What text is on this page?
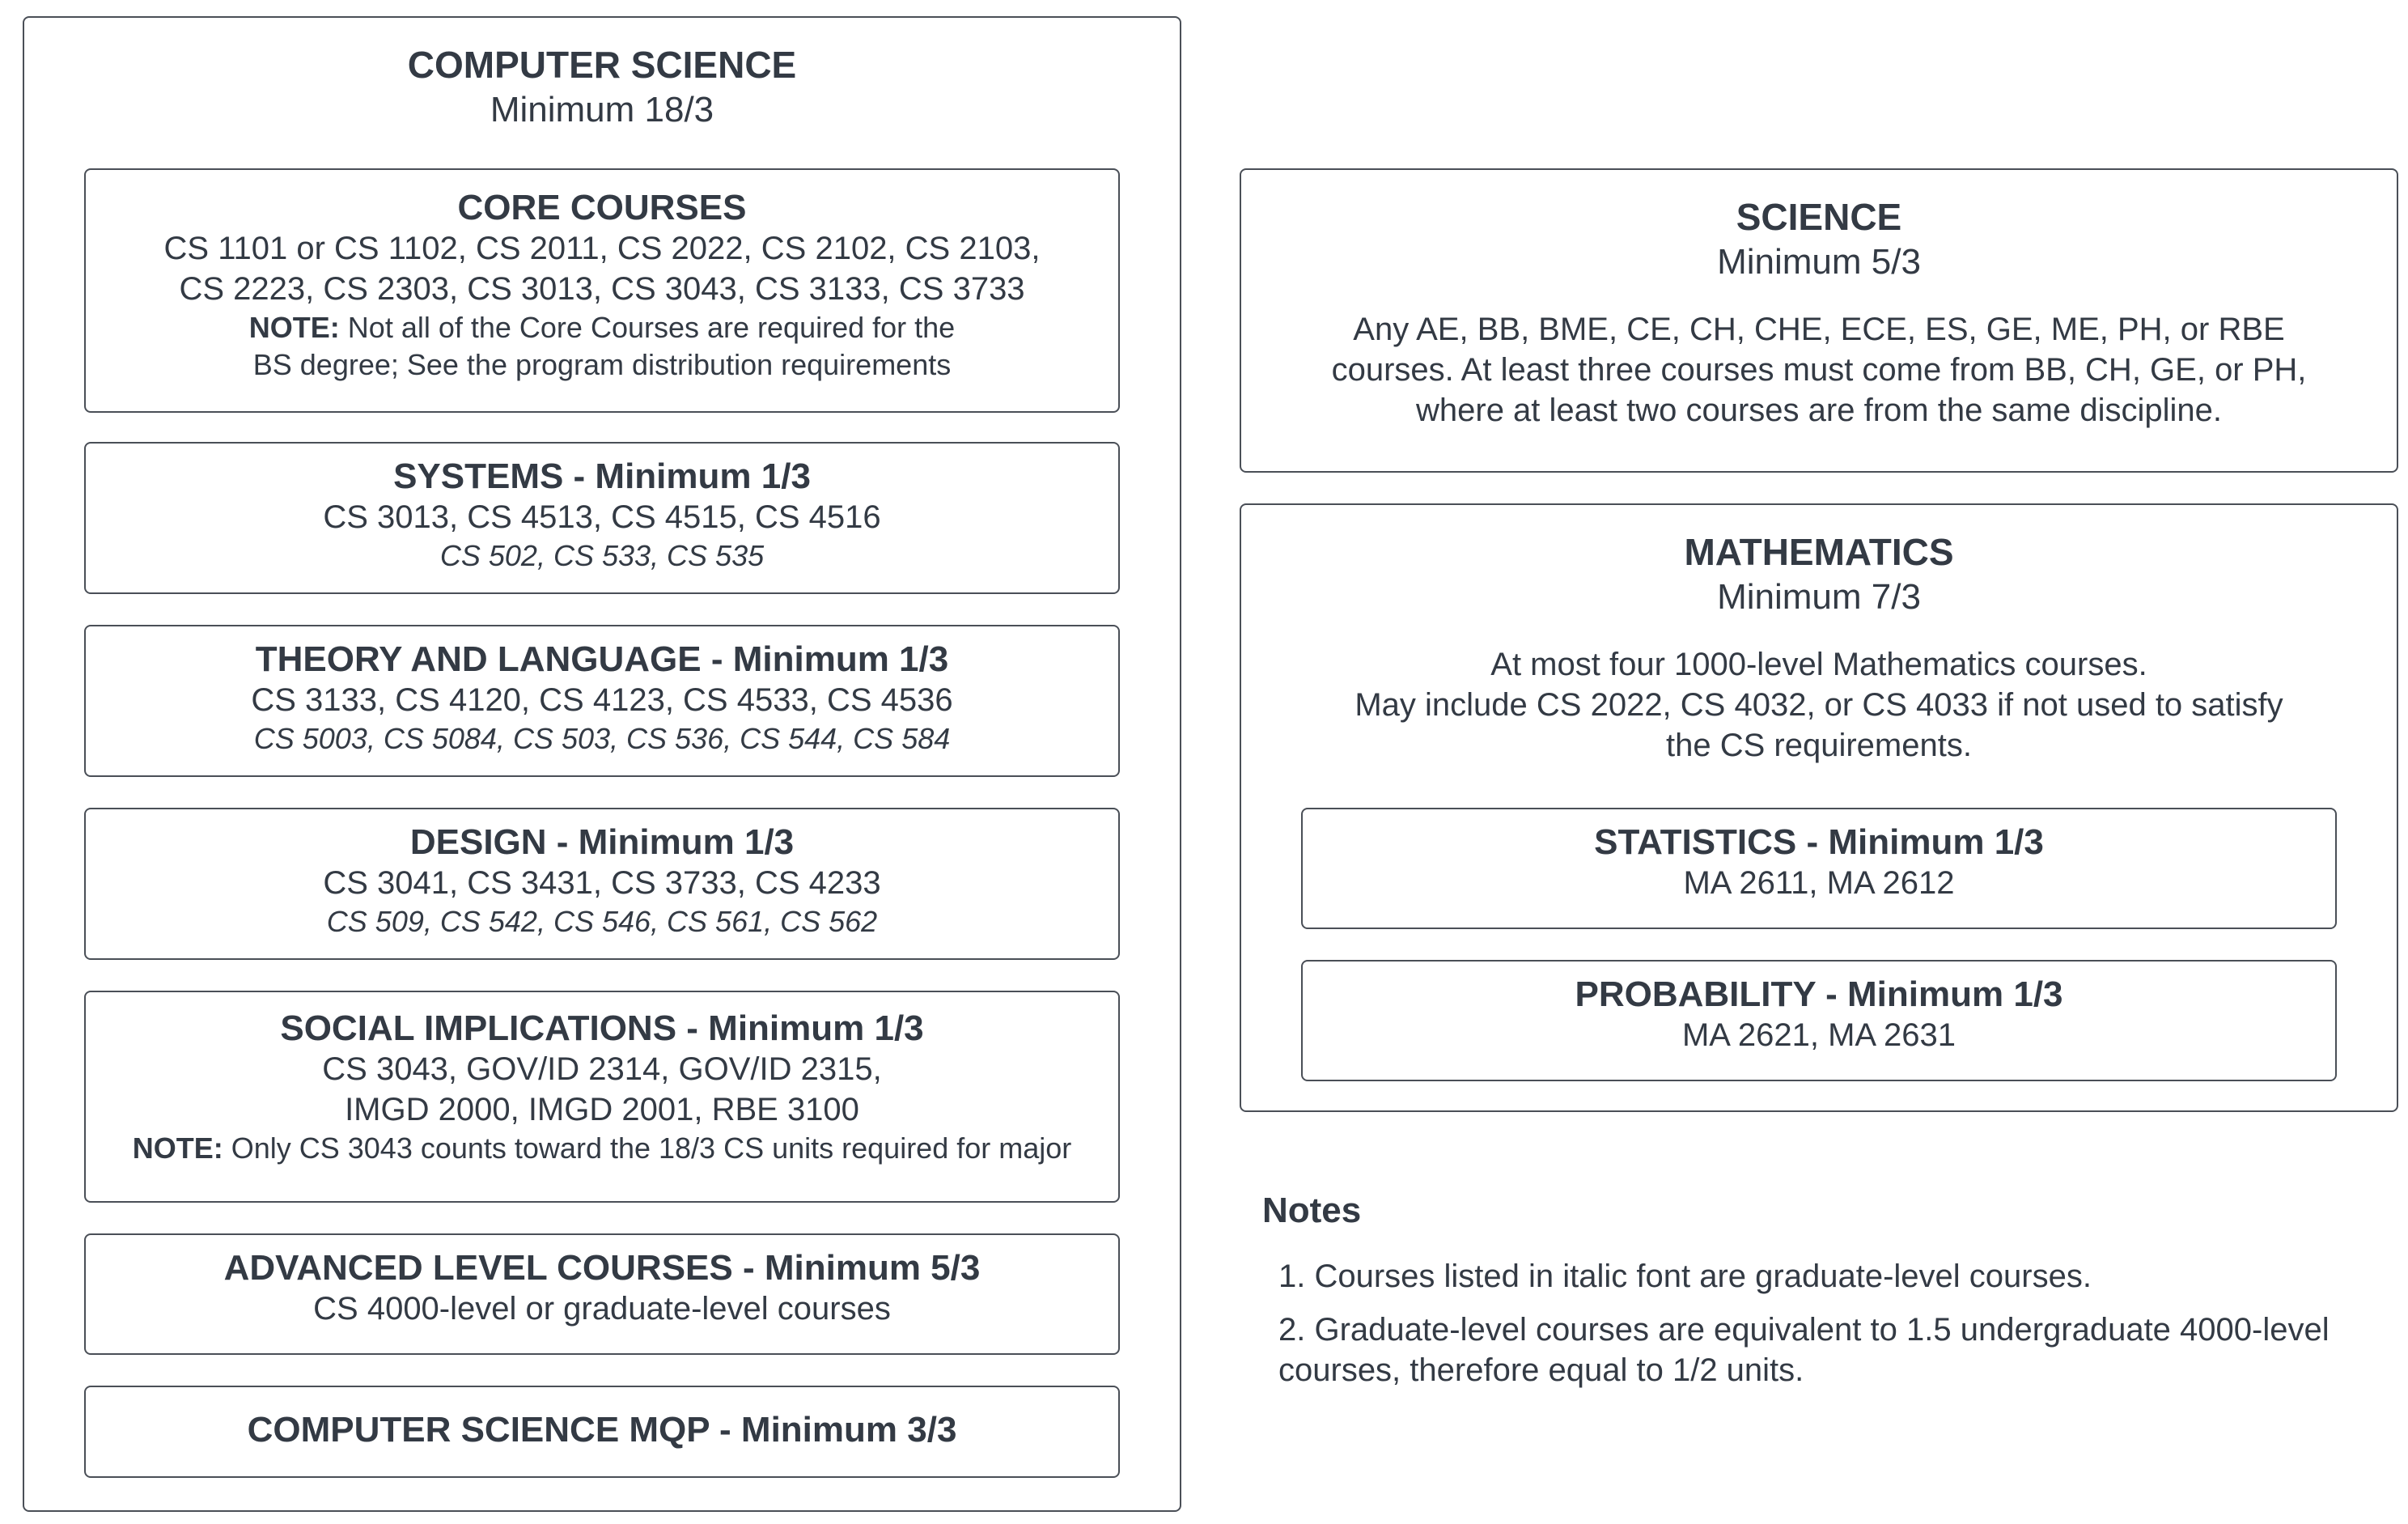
COMPUTER SCIENCE

Minimum 18/3

CORE COURSES

CS 1101 or CS 1102, CS 2011, CS 2022, CS 2102, CS 2103,

CS 2223, CS 2303, CS 3013, CS 3043, CS 3133, CS 3733

NOTE: Not all of the Core Courses are required for the

BS degree; See the program distribution requirements

SYSTEMS - Minimum 1/3

CS 3013, CS 4513, CS 4515, CS 4516

CS 502, CS 533, CS 535

THEORY AND LANGUAGE - Minimum 1/3

CS 3133, CS 4120, CS 4123, CS 4533, CS 4536

CS 5003, CS 5084, CS 503, CS 536, CS 544, CS 584

DESIGN - Minimum 1/3

CS 3041, CS 3431, CS 3733, CS 4233

CS 509, CS 542, CS 546, CS 561, CS 562

SOCIAL IMPLICATIONS - Minimum 1/3

CS 3043, GOV/ID 2314, GOV/ID 2315,

IMGD 2000, IMGD 2001, RBE 3100

NOTE: Only CS 3043 counts toward the 18/3 CS units required for major

ADVANCED LEVEL COURSES - Minimum 5/3

CS 4000-level or graduate-level courses

COMPUTER SCIENCE MQP - Minimum 3/3

SCIENCE

Minimum 5/3

Any AE, BB, BME, CE, CH, CHE, ECE, ES, GE, ME, PH, or RBE

courses. At least three courses must come from BB, CH, GE, or PH,

where at least two courses are from the same discipline.

MATHEMATICS

Minimum 7/3

At most four 1000-level Mathematics courses.

May include CS 2022, CS 4032, or CS 4033 if not used to satisfy

the CS requirements.

STATISTICS - Minimum 1/3

MA 2611, MA 2612

PROBABILITY - Minimum 1/3

MA 2621, MA 2631

Notes

1. Courses listed in italic font are graduate-level courses.

2. Graduate-level courses are equivalent to 1.5 undergraduate 4000-level courses, therefore equal to 1/2 units.
